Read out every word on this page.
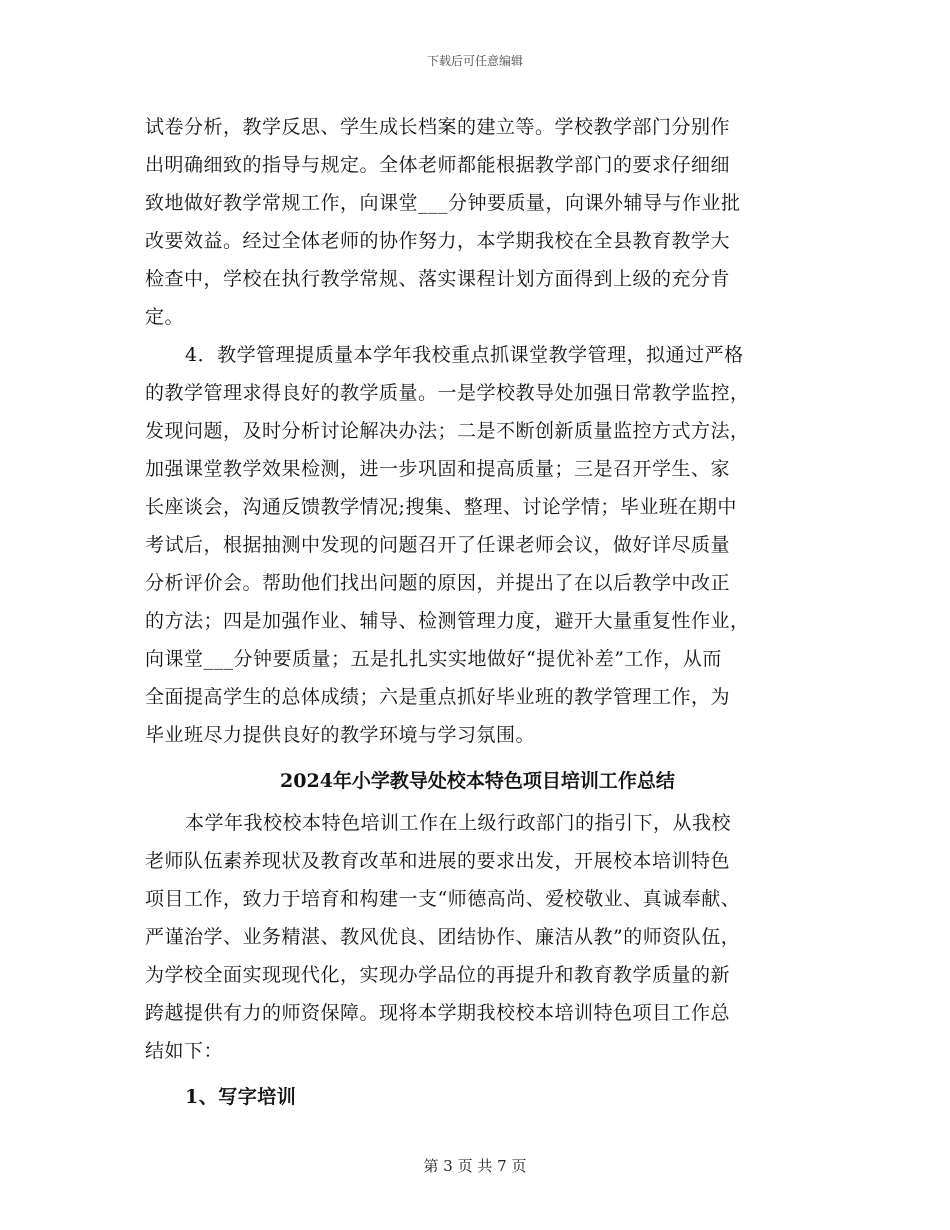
下载后可任意编辑
试卷分析，教学反思、学生成长档案的建立等。学校教学部门分别作
出明确细致的指导与规定。全体老师都能根据教学部门的要求仔细细
致地做好教学常规工作，向课堂___分钟要质量，向课外辅导与作业批
改要效益。经过全体老师的协作努力，本学期我校在全县教育教学大
检查中，学校在执行教学常规、落实课程计划方面得到上级的充分肯
定。
4．教学管理提质量本学年我校重点抓课堂教学管理，拟通过严格
的教学管理求得良好的教学质量。一是学校教导处加强日常教学监控，
发现问题，及时分析讨论解决办法；二是不断创新质量监控方式方法，
加强课堂教学效果检测，进一步巩固和提高质量；三是召开学生、家
长座谈会，沟通反馈教学情况;搜集、整理、讨论学情；毕业班在期中
考试后，根据抽测中发现的问题召开了任课老师会议，做好详尽质量
分析评价会。帮助他们找出问题的原因，并提出了在以后教学中改正
的方法；四是加强作业、辅导、检测管理力度，避开大量重复性作业，
向课堂___分钟要质量；五是扎扎实实地做好“提优补差”工作，从而
全面提高学生的总体成绩；六是重点抓好毕业班的教学管理工作，为
毕业班尽力提供良好的教学环境与学习氛围。
2024年小学教导处校本特色项目培训工作总结
本学年我校校本特色培训工作在上级行政部门的指引下，从我校
老师队伍素养现状及教育改革和进展的要求出发，开展校本培训特色
项目工作，致力于培育和构建一支“师德高尚、爱校敬业、真诚奉献、
严谨治学、业务精湛、教风优良、团结协作、廉洁从教”的师资队伍，
为学校全面实现现代化，实现办学品位的再提升和教育教学质量的新
跨越提供有力的师资保障。现将本学期我校校本培训特色项目工作总
结如下：
1、写字培训
第 3 页 共 7 页
